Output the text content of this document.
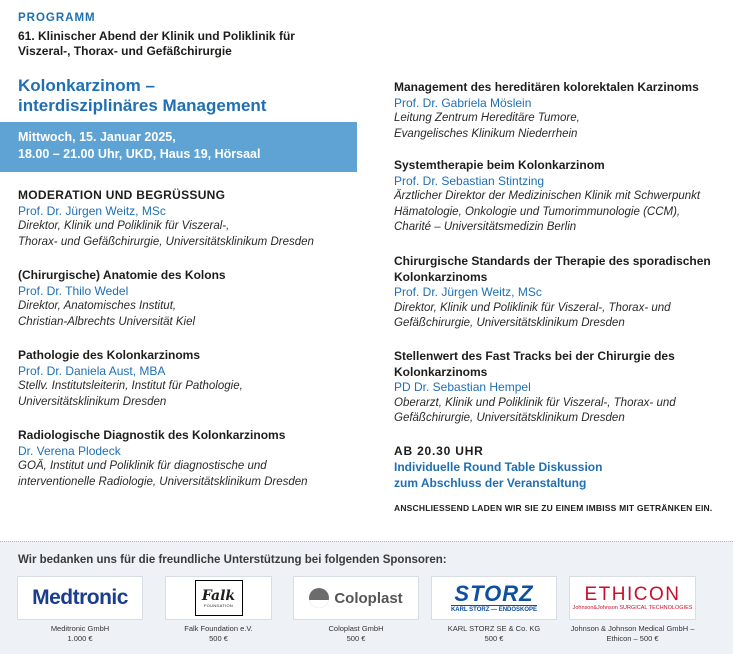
PROGRAMM
61. Klinischer Abend der Klinik und Poliklinik für
Viszeral-, Thorax- und Gefäßchirurgie
Kolonkarzinom –
interdisziplinäres Management
Mittwoch, 15. Januar 2025,
18.00 – 21.00 Uhr, UKD, Haus 19, Hörsaal
MODERATION UND BEGRÜSSUNG
Prof. Dr. Jürgen Weitz, MSc
Direktor, Klinik und Poliklinik für Viszeral-,
Thorax- und Gefäßchirurgie, Universitätsklinikum Dresden
(Chirurgische) Anatomie des Kolons
Prof. Dr. Thilo Wedel
Direktor, Anatomisches Institut,
Christian-Albrechts Universität Kiel
Pathologie des Kolonkarzinoms
Prof. Dr. Daniela Aust, MBA
Stellv. Institutsleiterin, Institut für Pathologie,
Universitätsklinikum Dresden
Radiologische Diagnostik des Kolonkarzinoms
Dr. Verena Plodeck
GOÄ, Institut und Poliklinik für diagnostische und
interventionelle Radiologie, Universitätsklinikum Dresden
Management des hereditären kolorektalen Karzinoms
Prof. Dr. Gabriela Möslein
Leitung Zentrum Hereditäre Tumore,
Evangelisches Klinikum Niederrhein
Systemtherapie beim Kolonkarzinom
Prof. Dr. Sebastian Stintzing
Ärztlicher Direktor der Medizinischen Klinik mit Schwerpunkt
Hämatologie, Onkologie und Tumorimmunologie (CCM),
Charité – Universitätsmedizin Berlin
Chirurgische Standards der Therapie des sporadischen
Kolonkarzinoms
Prof. Dr. Jürgen Weitz, MSc
Direktor, Klinik und Poliklinik für Viszeral-, Thorax- und
Gefäßchirurgie, Universitätsklinikum Dresden
Stellenwert des Fast Tracks bei der Chirurgie des
Kolonkarzinoms
PD Dr. Sebastian Hempel
Oberarzt, Klinik und Poliklinik für Viszeral-, Thorax- und
Gefäßchirurgie, Universitätsklinikum Dresden
AB 20.30 UHR
Individuelle Round Table Diskussion
zum Abschluss der Veranstaltung
ANSCHLIESSEND LADEN WIR SIE ZU EINEM IMBISS MIT GETRÄNKEN EIN.
Wir bedanken uns für die freundliche Unterstützung bei folgenden Sponsoren:
Medtronic
Meditronic GmbH
1.000 €
Falk
FOUNDATION
Falk Foundation e.V.
500 €
Coloplast
Coloplast GmbH
500 €
STORZ
KARL STORZ — ENDOSKOPE
KARL STORZ SE & Co. KG
500 €
ETHICON
Johnson&Johnson SURGICAL TECHNOLOGIES
Johnson & Johnson Medical GmbH –
Ethicon – 500 €
